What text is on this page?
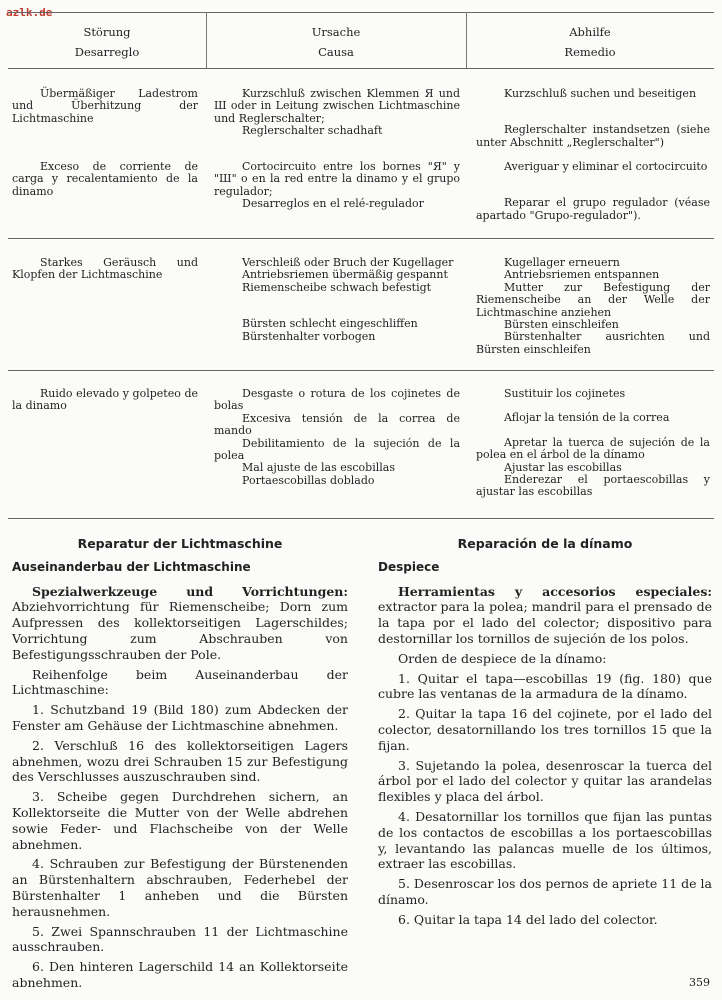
azlk.de
Störung
Desarreglo
Ursache
Causa
Abhilfe
Remedio

Übermäßiger Ladestrom und Überhitzung der Lichtmaschine

Kurzschluß zwischen Klemmen Я und Ш oder in Leitung zwischen Lichtmaschine und Reglerschalter;

Reglerschalter schadhaft

Kurzschluß suchen und beseitigen

Reglerschalter instandsetzen (siehe unter Abschnitt „Reglerschalter")

Exceso de corriente de carga y recalentamiento de la dinamo

Cortocircuito entre los bornes "Я" y "Ш" o en la red entre la dinamo y el grupo regulador;

Desarreglos en el relé-regulador

Averiguar y eliminar el cortocircuito

Reparar el grupo regulador (véase apartado "Grupo-regulador").

Starkes Geräusch und Klopfen der Lichtmaschine

Verschleiß oder Bruch der Kugellager

Antriebsriemen übermäßig gespannt

Riemenscheibe schwach befestigt

Bürsten schlecht eingeschliffen

Bürstenhalter vorbogen

Kugellager erneuern

Antriebsriemen entspannen

Mutter zur Befestigung der Riemenscheibe an der Welle der Lichtmaschine anziehen

Bürsten einschleifen

Bürstenhalter ausrichten und Bürsten einschleifen

Ruido elevado y golpeteo de la dinamo

Desgaste o rotura de los cojinetes de bolas

Excesiva tensión de la correa de mando

Debilitamiento de la sujeción de la polea

Mal ajuste de las escobillas

Portaescobillas doblado

Sustituir los cojinetes

Aflojar la tensión de la correa

Apretar la tuerca de sujeción de la polea en el árbol de la dínamo

Ajustar las escobillas

Enderezar el portaescobillas y ajustar las escobillas

Reparatur der Lichtmaschine
Auseinanderbau der Lichtmaschine

Spezialwerkzeuge und Vorrichtungen: Abziehvorrichtung für Riemenscheibe; Dorn zum Aufpressen des kollektorseitigen Lagerschildes; Vorrichtung zum Abschrauben von Befestigungsschrauben der Pole.

Reihenfolge beim Auseinanderbau der Lichtmaschine:

1. Schutzband 19 (Bild 180) zum Abdecken der Fenster am Gehäuse der Lichtmaschine abnehmen.

2. Verschluß 16 des kollektorseitigen Lagers abnehmen, wozu drei Schrauben 15 zur Befestigung des Verschlusses auszuschrauben sind.

3. Scheibe gegen Durchdrehen sichern, an Kollektorseite die Mutter von der Welle abdrehen sowie Feder- und Flachscheibe von der Welle abnehmen.

4. Schrauben zur Befestigung der Bürstenenden an Bürstenhaltern abschrauben, Federhebel der Bürstenhalter 1 anheben und die Bürsten herausnehmen.

5. Zwei Spannschrauben 11 der Lichtmaschine ausschrauben.

6. Den hinteren Lagerschild 14 an Kollektorseite abnehmen.

Reparación de la dínamo
Despiece

Herramientas y accesorios especiales: extractor para la polea; mandril para el prensado de la tapa por el lado del colector; dispositivo para destornillar los tornillos de sujeción de los polos.

Orden de despiece de la dínamo:

1. Quitar el tapa—escobillas 19 (fig. 180) que cubre las ventanas de la armadura de la dínamo.

2. Quitar la tapa 16 del cojinete, por el lado del colector, desatornillando los tres tornillos 15 que la fijan.

3. Sujetando la polea, desenroscar la tuerca del árbol por el lado del colector y quitar las arandelas flexibles y placa del árbol.

4. Desatornillar los tornillos que fijan las puntas de los contactos de escobillas a los portaescobillas y, levantando las palancas muelle de los últimos, extraer las escobillas.

5. Desenroscar los dos pernos de apriete 11 de la dínamo.

6. Quitar la tapa 14 del lado del colector.

359
